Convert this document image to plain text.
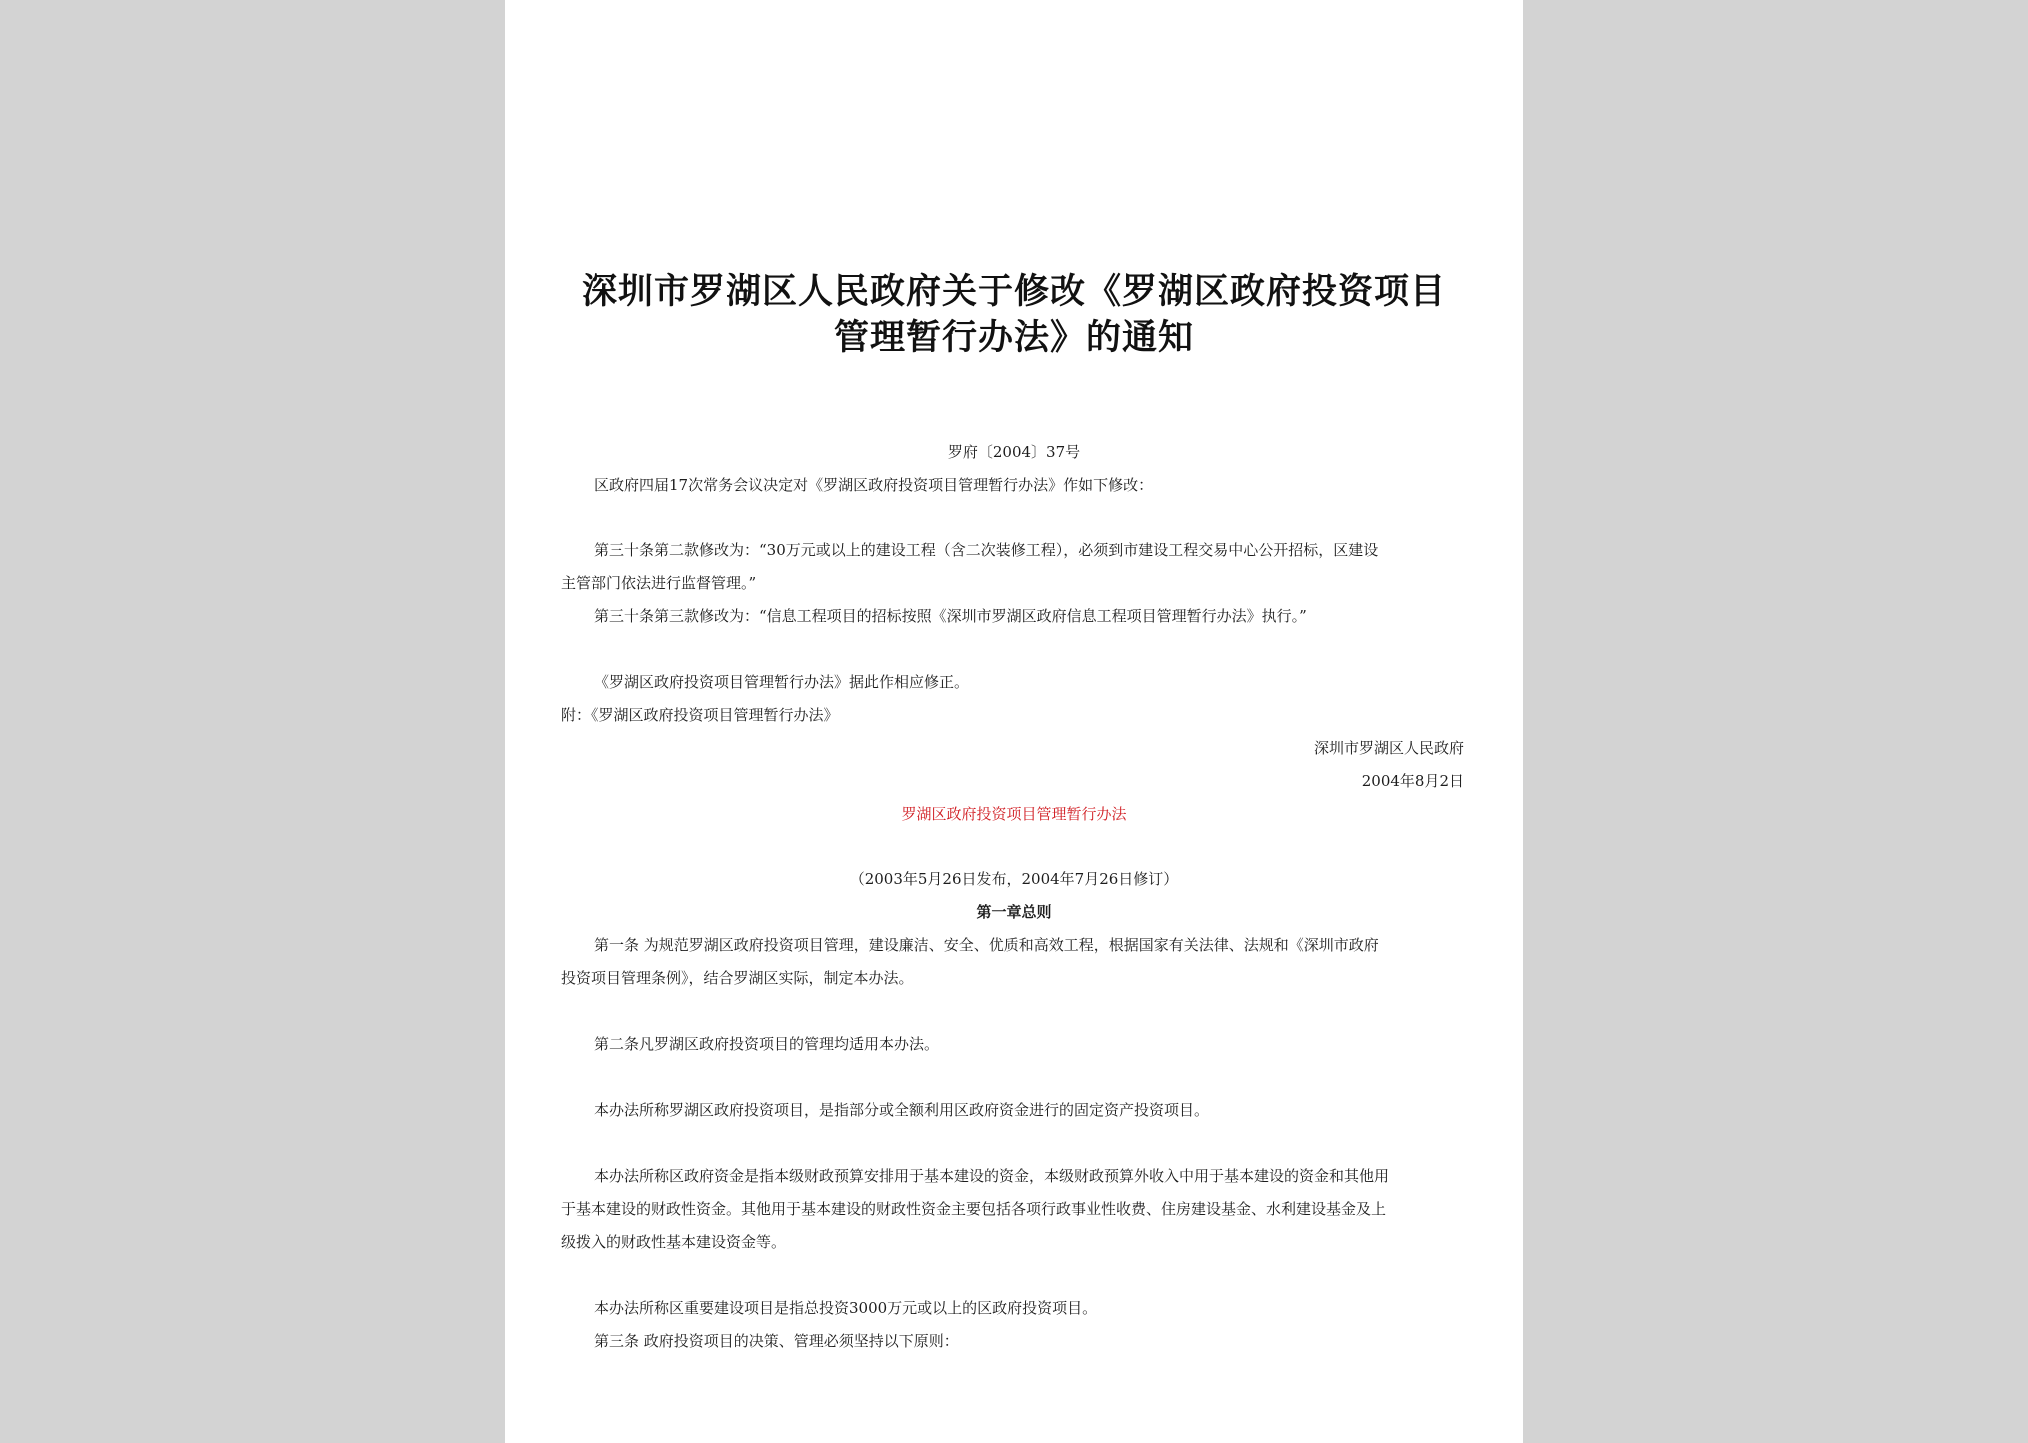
深圳市罗湖区人民政府关于修改《罗湖区政府投资项目
管理暂行办法》的通知
罗府〔2004〕37号
区政府四届17次常务会议决定对《罗湖区政府投资项目管理暂行办法》作如下修改：
第三十条第二款修改为：“30万元或以上的建设工程（含二次装修工程），必须到市建设工程交易中心公开招标，区建设
主管部门依法进行监督管理。”
第三十条第三款修改为：“信息工程项目的招标按照《深圳市罗湖区政府信息工程项目管理暂行办法》执行。”
《罗湖区政府投资项目管理暂行办法》据此作相应修正。
附：《罗湖区政府投资项目管理暂行办法》
深圳市罗湖区人民政府
2004年8月2日
罗湖区政府投资项目管理暂行办法
（2003年5月26日发布，2004年7月26日修订）
第一章总则
第一条 为规范罗湖区政府投资项目管理，建设廉洁、安全、优质和高效工程，根据国家有关法律、法规和《深圳市政府
投资项目管理条例》，结合罗湖区实际，制定本办法。
第二条凡罗湖区政府投资项目的管理均适用本办法。
本办法所称罗湖区政府投资项目，是指部分或全额利用区政府资金进行的固定资产投资项目。
本办法所称区政府资金是指本级财政预算安排用于基本建设的资金，本级财政预算外收入中用于基本建设的资金和其他用
于基本建设的财政性资金。其他用于基本建设的财政性资金主要包括各项行政事业性收费、住房建设基金、水利建设基金及上
级拨入的财政性基本建设资金等。
本办法所称区重要建设项目是指总投资3000万元或以上的区政府投资项目。
第三条 政府投资项目的决策、管理必须坚持以下原则：
